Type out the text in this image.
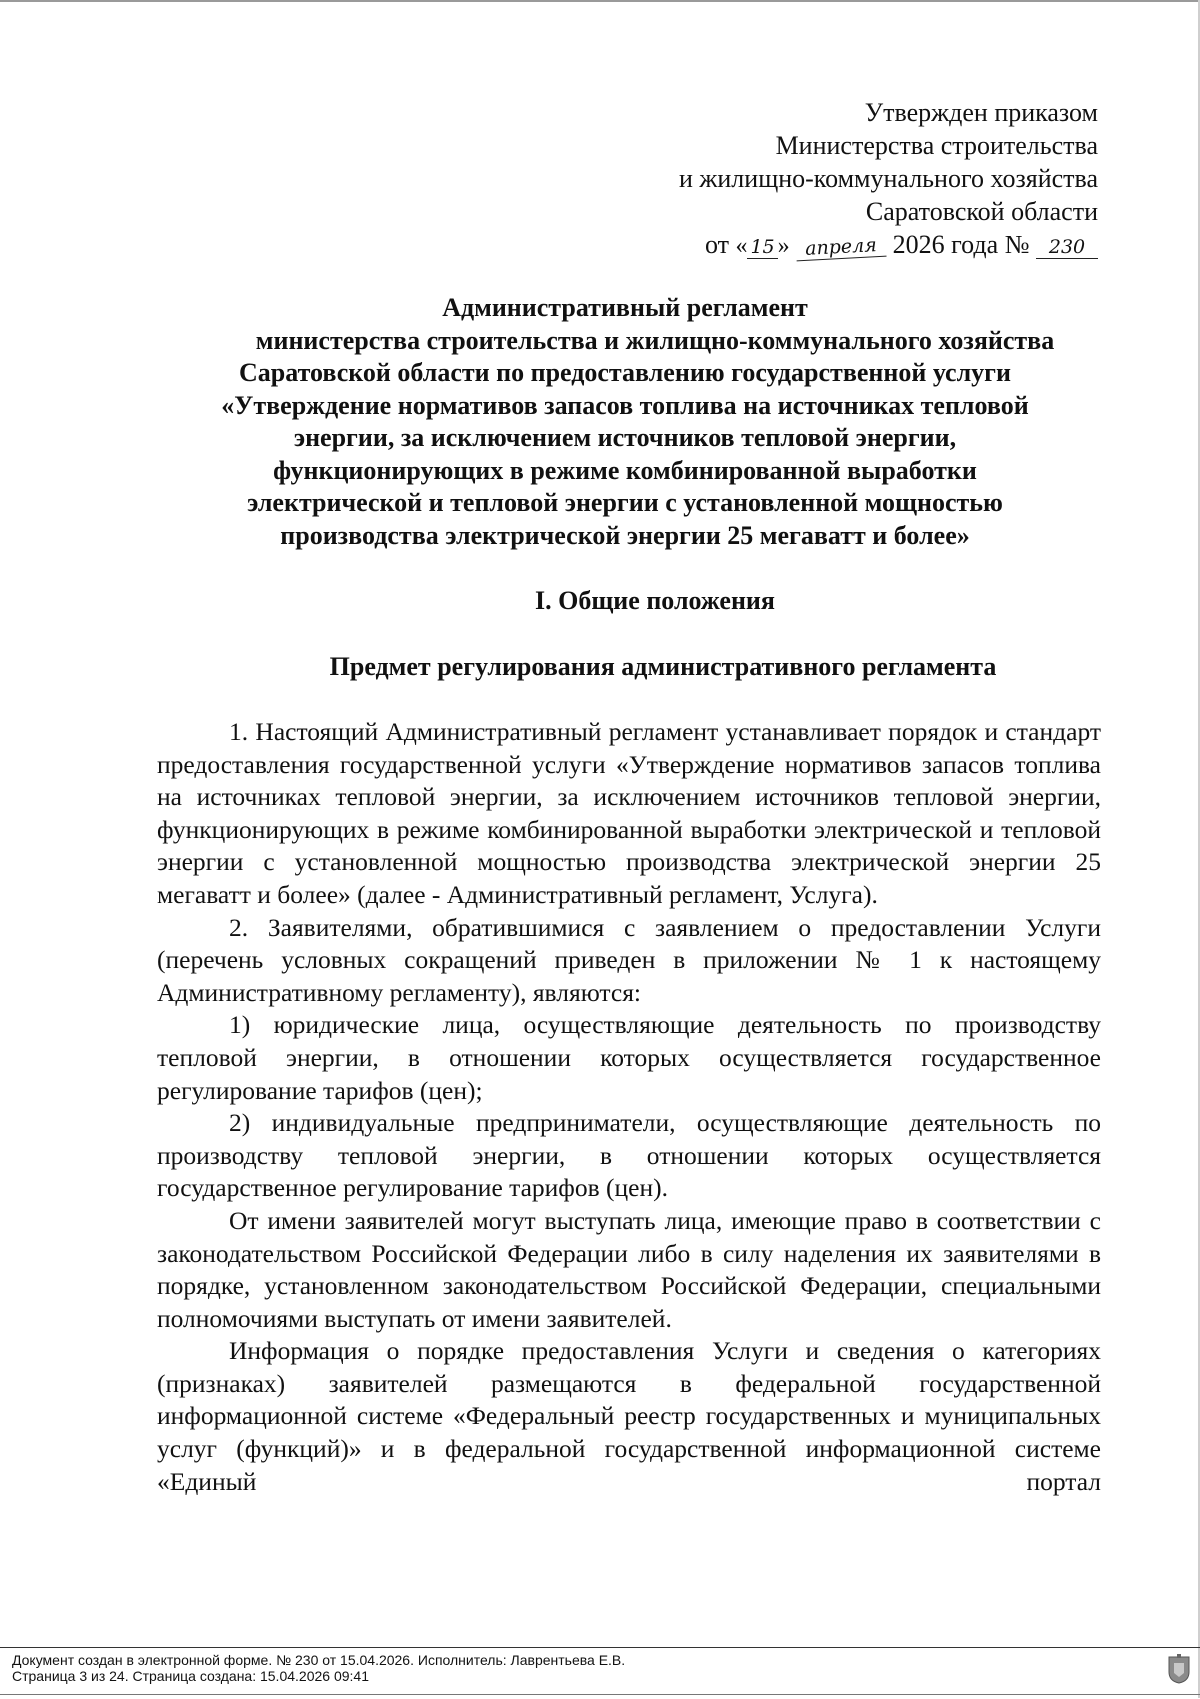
Утвержден приказом
Министерства строительства
и жилищно-коммунального хозяйства
Саратовской области
от « 15 » апреля 2026 года № 230
Административный регламент
министерства строительства и жилищно-коммунального хозяйства
Саратовской области по предоставлению государственной услуги
«Утверждение нормативов запасов топлива на источниках тепловой
энергии, за исключением источников тепловой энергии,
функционирующих в режиме комбинированной выработки
электрической и тепловой энергии с установленной мощностью
производства электрической энергии 25 мегаватт и более»
I. Общие положения
Предмет регулирования административного регламента

1. Настоящий Административный регламент устанавливает порядок и стандарт предоставления государственной услуги «Утверждение нормативов запасов топлива на источниках тепловой энергии, за исключением источников тепловой энергии, функционирующих в режиме комбинированной выработки электрической и тепловой энергии с установленной мощностью производства электрической энергии 25 мегаватт и более» (далее - Административный регламент, Услуга).

2. Заявителями, обратившимися с заявлением о предоставлении Услуги (перечень условных сокращений приведен в приложении № 1 к настоящему Административному регламенту), являются:

1) юридические лица, осуществляющие деятельность по производству тепловой энергии, в отношении которых осуществляется государственное регулирование тарифов (цен);

2) индивидуальные предприниматели, осуществляющие деятельность по производству тепловой энергии, в отношении которых осуществляется государственное регулирование тарифов (цен).

От имени заявителей могут выступать лица, имеющие право в соответствии с законодательством Российской Федерации либо в силу наделения их заявителями в порядке, установленном законодательством Российской Федерации, специальными полномочиями выступать от имени заявителей.

Информация о порядке предоставления Услуги и сведения о категориях (признаках) заявителей размещаются в федеральной государственной информационной системе «Федеральный реестр государственных и муниципальных услуг (функций)» и в федеральной государственной информационной системе «Единый портал

Документ создан в электронной форме. № 230 от 15.04.2026. Исполнитель: Лаврентьева Е.В.
Страница 3 из 24. Страница создана: 15.04.2026 09:41
